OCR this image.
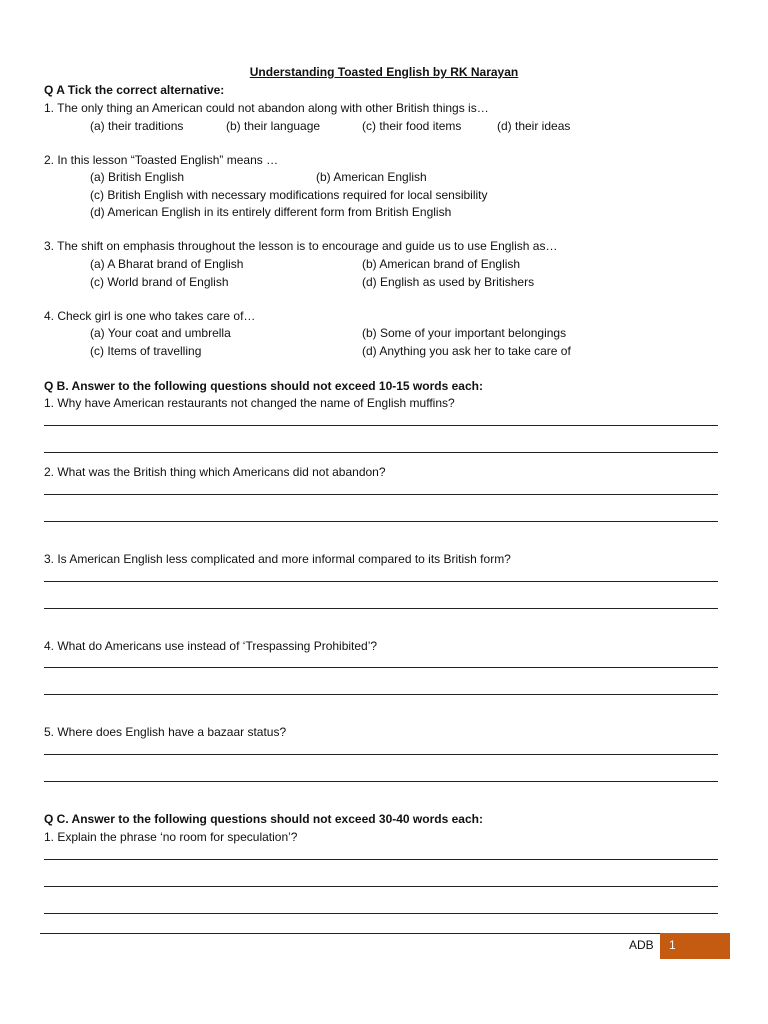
Understanding Toasted English by RK Narayan
Q A Tick the correct alternative:
1. The only thing an American could not abandon along with other British things is…
(a) their traditions	(b) their language	(c) their food items	(d) their ideas
2. In this lesson “Toasted English” means …
(a) British English	(b) American English
(c) British English with necessary modifications required for local sensibility
(d) American English in its entirely different form from British English
3. The shift on emphasis throughout the lesson is to encourage and guide us to use English as…
(a) A Bharat brand of English	(b) American brand of English
(c) World brand of English	(d) English as used by Britishers
4. Check girl is one who takes care of…
(a) Your coat and umbrella	(b) Some of your important belongings
(c) Items of travelling	(d) Anything you ask her to take care of
Q B. Answer to the following questions should not exceed 10-15 words each:
1. Why have American restaurants not changed the name of English muffins?
2. What was the British thing which Americans did not abandon?
3. Is American English less complicated and more informal compared to its British form?
4. What do Americans use instead of ‘Trespassing Prohibited’?
5. Where does English have a bazaar status?
Q C. Answer to the following questions should not exceed 30-40 words each:
1. Explain the phrase ‘no room for speculation’?
ADB 1
